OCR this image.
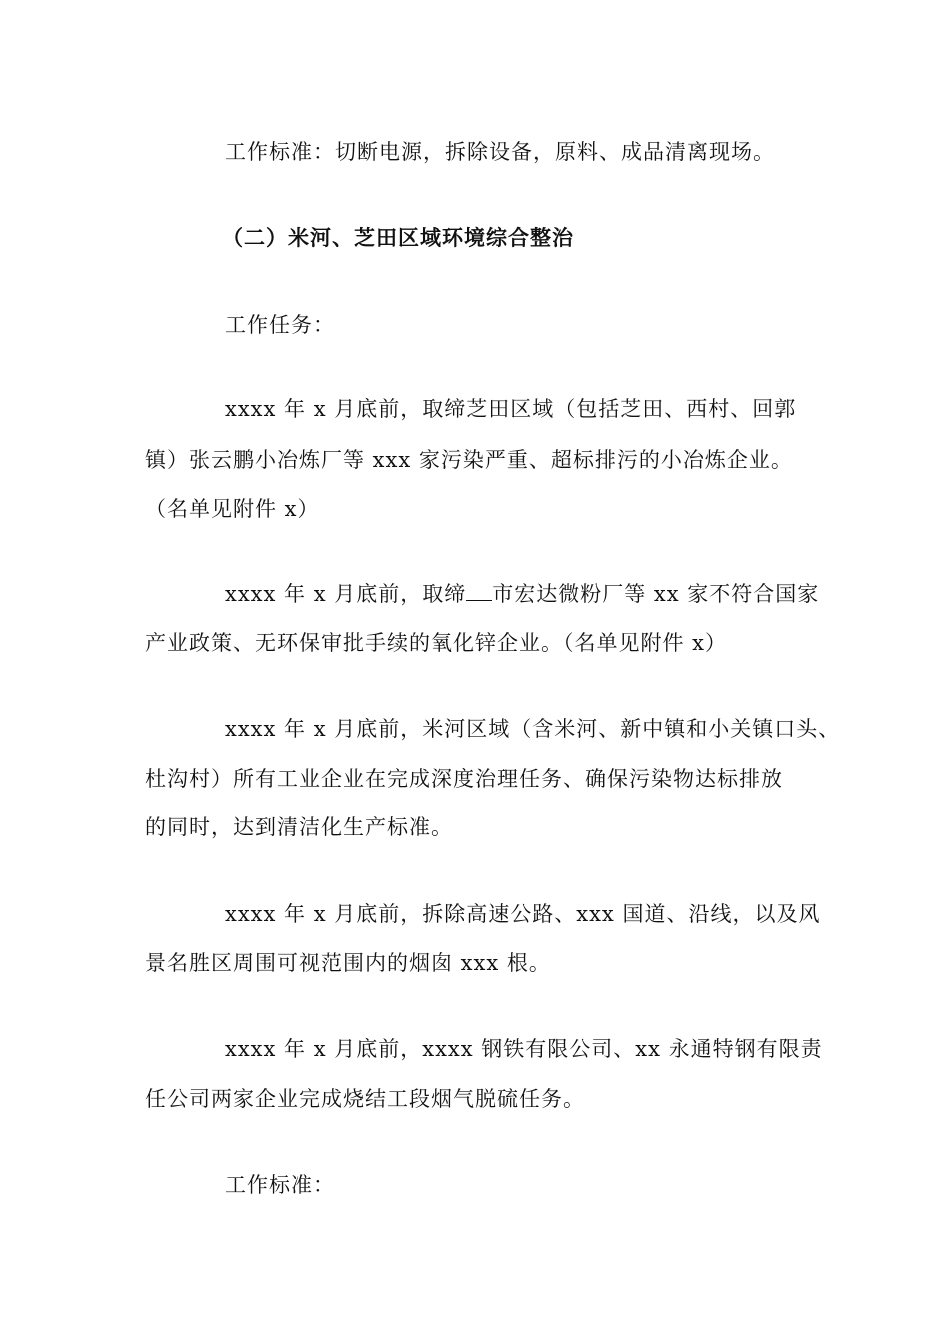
工作标准：切断电源，拆除设备，原料、成品清离现场。
（二）米河、芝田区域环境综合整治
工作任务：
xxxx 年 x 月底前，取缔芝田区域（包括芝田、西村、回郭
镇）张云鹏小冶炼厂等 xxx 家污染严重、超标排污的小冶炼企业。
（名单见附件 x）
xxxx 年 x 月底前，取缔 市宏达微粉厂等 xx 家不符合国家
产业政策、无环保审批手续的氧化锌企业。（名单见附件 x）
xxxx 年 x 月底前，米河区域（含米河、新中镇和小关镇口头、
杜沟村）所有工业企业在完成深度治理任务、确保污染物达标排放
的同时，达到清洁化生产标准。
xxxx 年 x 月底前，拆除高速公路、xxx 国道、沿线，以及风
景名胜区周围可视范围内的烟囱 xxx 根。
xxxx 年 x 月底前，xxxx 钢铁有限公司、xx 永通特钢有限责
任公司两家企业完成烧结工段烟气脱硫任务。
工作标准：
